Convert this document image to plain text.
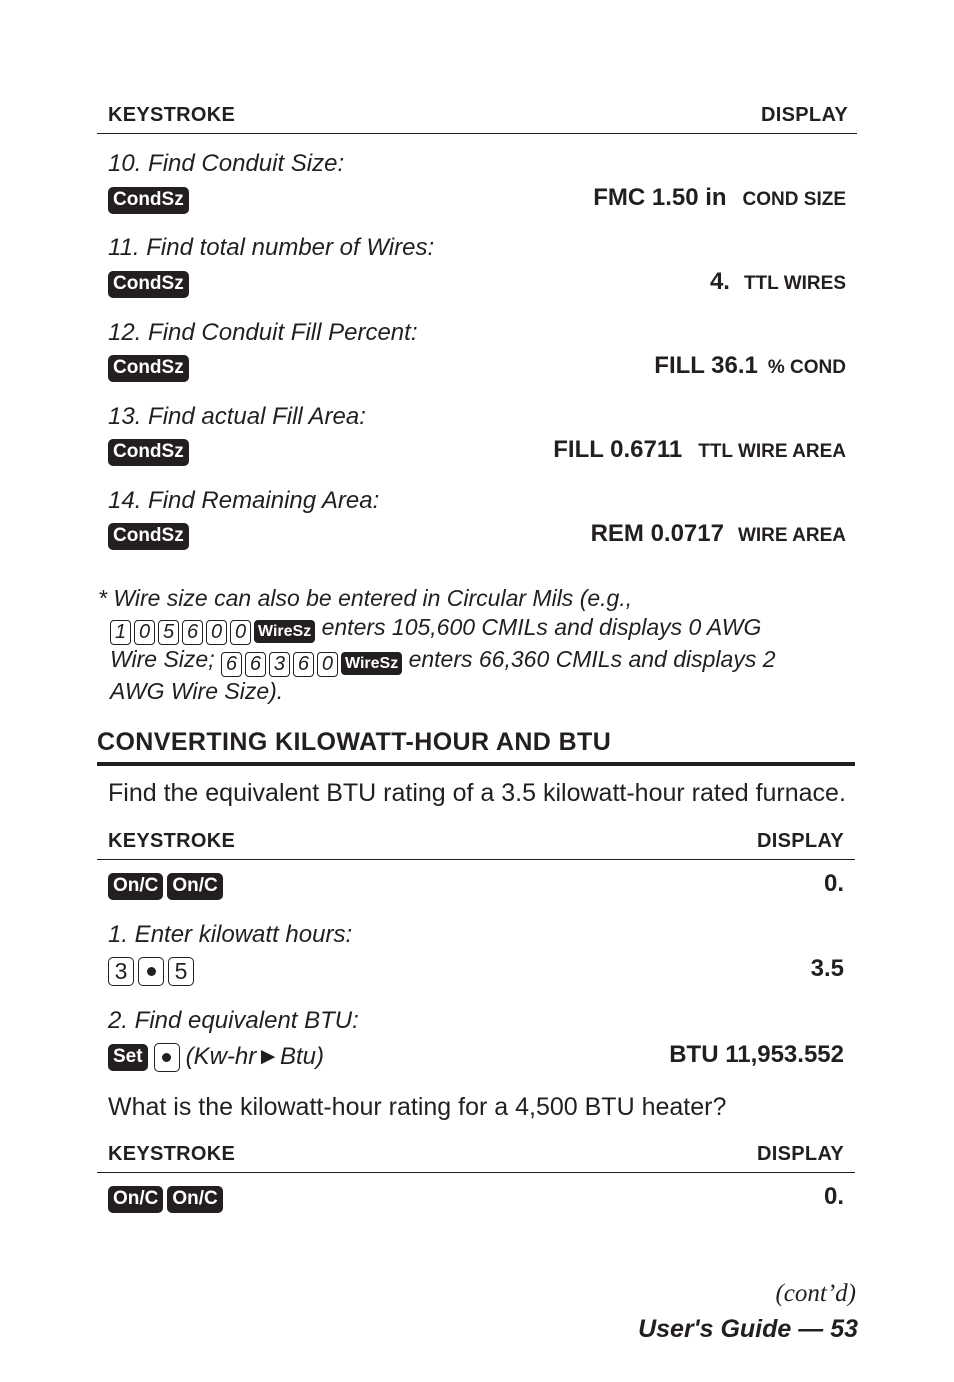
KEYSTROKE	DISPLAY
10. Find Conduit Size:
CondSz	FMC 1.50 in COND SIZE
11. Find total number of Wires:
CondSz	4. TTL WIRES
12. Find Conduit Fill Percent:
CondSz	FILL 36.1 % COND
13. Find actual Fill Area:
CondSz	FILL 0.6711 TTL WIRE AREA
14. Find Remaining Area:
CondSz	REM 0.0717 WIRE AREA
* Wire size can also be entered in Circular Mils (e.g.,
1 0 5 6 0 0 WireSz enters 105,600 CMILs and displays 0 AWG
Wire Size; 6 6 3 6 0 WireSz enters 66,360 CMILs and displays 2
AWG Wire Size).
CONVERTING KILOWATT-HOUR AND BTU
Find the equivalent BTU rating of a 3.5 kilowatt-hour rated furnace.
KEYSTROKE	DISPLAY
On/C On/C	0.
1. Enter kilowatt hours:
3 5	3.5
2. Find equivalent BTU:
Set (Kw-hr►Btu)	BTU 11,953.552
What is the kilowatt-hour rating for a 4,500 BTU heater?
KEYSTROKE	DISPLAY
On/C On/C	0.
(cont’d)
User's Guide — 53
